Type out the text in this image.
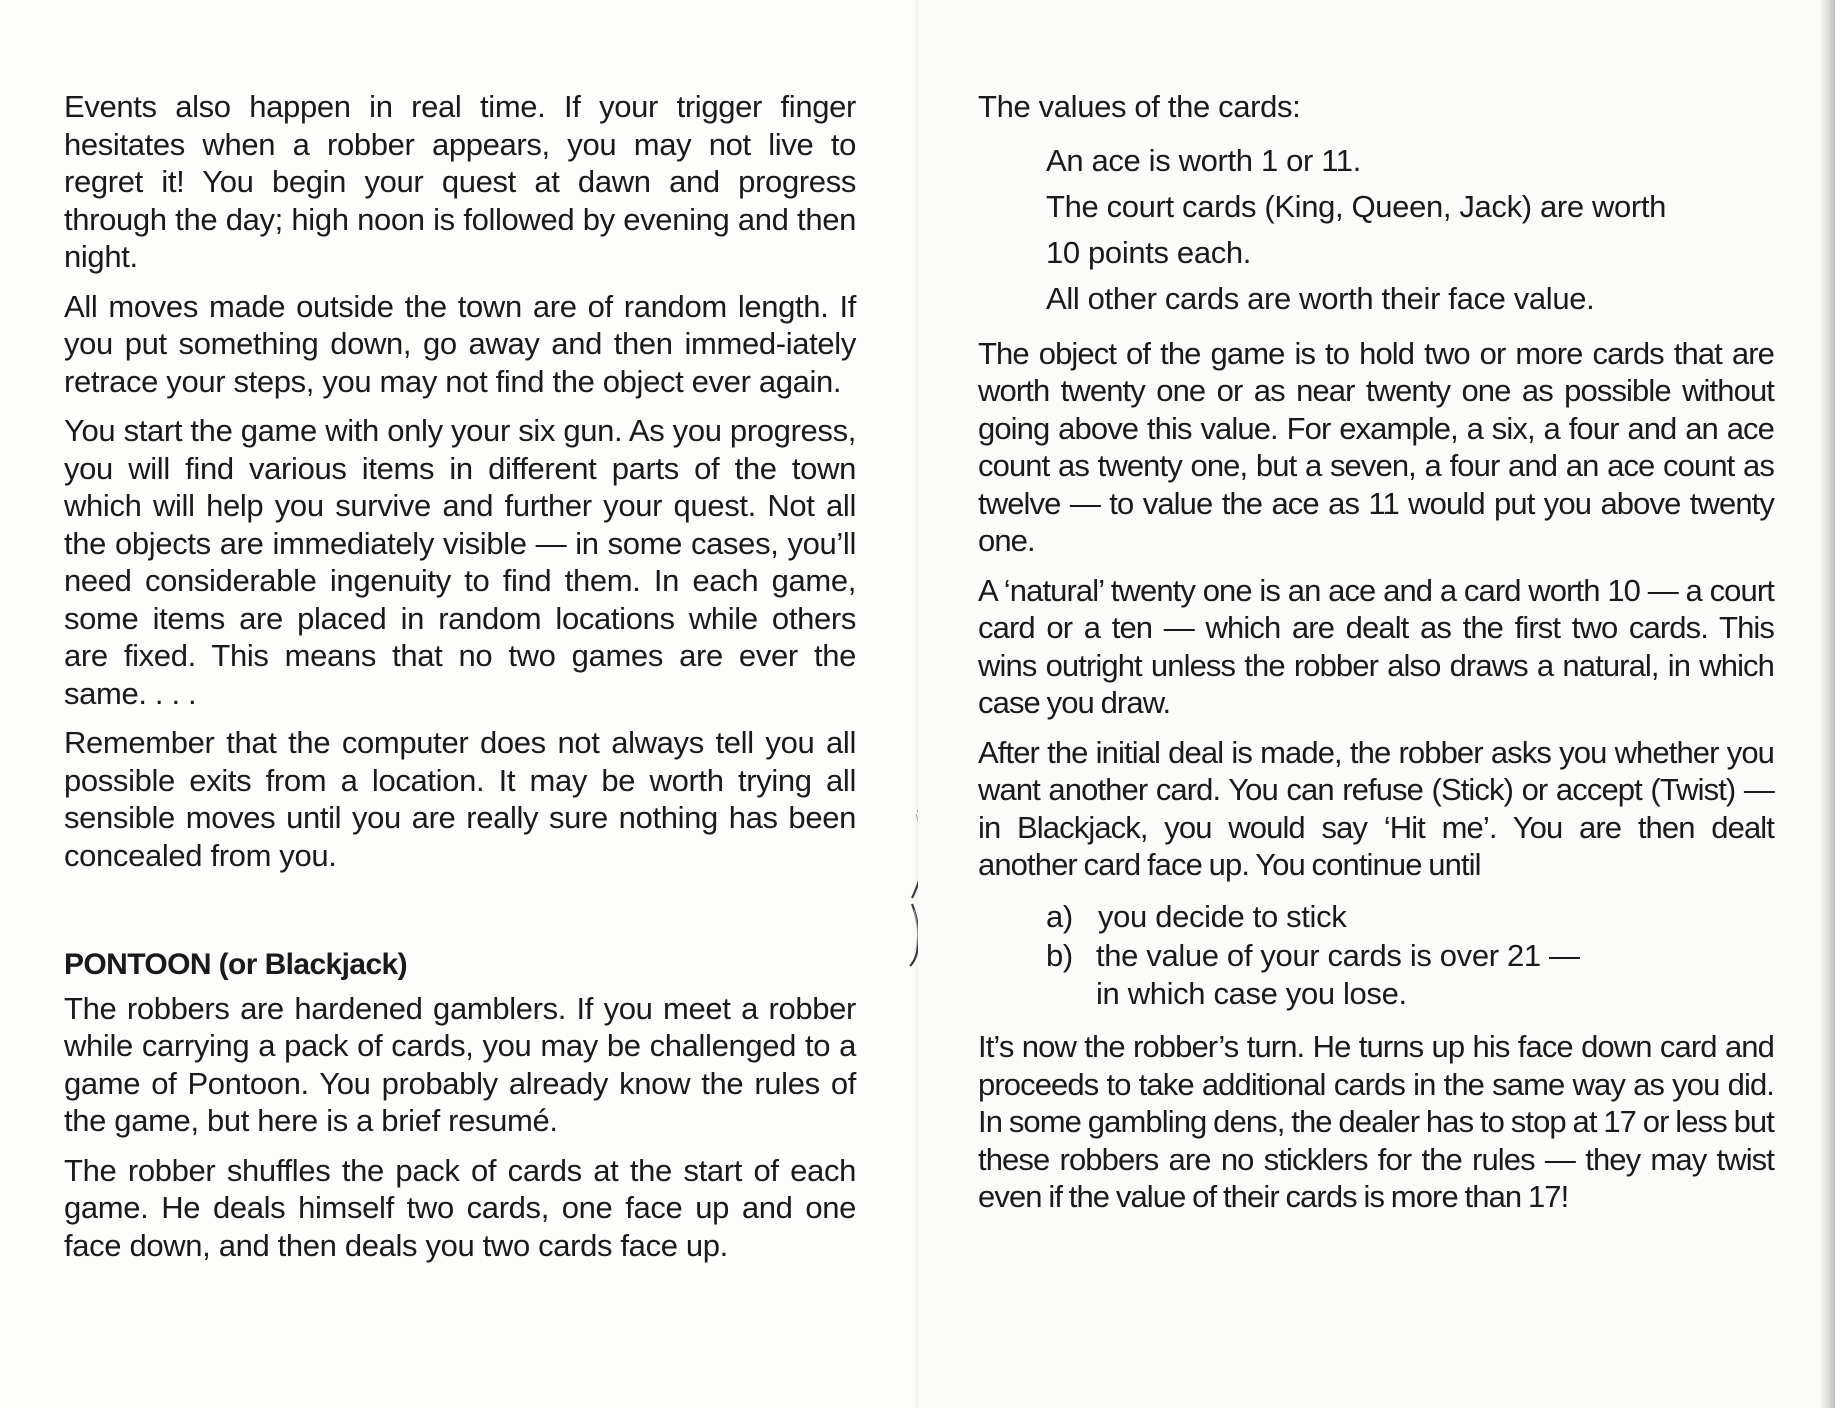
Events also happen in real time. If your trigger finger hesitates when a robber appears, you may not live to regret it! You begin your quest at dawn and progress through the day; high noon is followed by evening and then night.

All moves made outside the town are of random length. If you put something down, go away and then immed-iately retrace your steps, you may not find the object ever again.

You start the game with only your six gun. As you progress, you will find various items in different parts of the town which will help you survive and further your quest. Not all the objects are immediately visible — in some cases, you’ll need considerable ingenuity to find them. In each game, some items are placed in random locations while others are fixed. This means that no two games are ever the same. . . .

Remember that the computer does not always tell you all possible exits from a location. It may be worth trying all sensible moves until you are really sure nothing has been concealed from you.

PONTOON (or Blackjack)

The robbers are hardened gamblers. If you meet a robber while carrying a pack of cards, you may be challenged to a game of Pontoon. You probably already know the rules of the game, but here is a brief resumé.

The robber shuffles the pack of cards at the start of each game. He deals himself two cards, one face up and one face down, and then deals you two cards face up.

The values of the cards:

An ace is worth 1 or 11.

The court cards (King, Queen, Jack) are worth

10 points each.

All other cards are worth their face value.

The object of the game is to hold two or more cards that are worth twenty one or as near twenty one as possible without going above this value. For example, a six, a four and an ace count as twenty one, but a seven, a four and an ace count as twelve — to value the ace as 11 would put you above twenty one.

A ‘natural’ twenty one is an ace and a card worth 10 — a court card or a ten — which are dealt as the first two cards. This wins outright unless the robber also draws a natural, in which case you draw.

After the initial deal is made, the robber asks you whether you want another card. You can refuse (Stick) or accept (Twist) — in Blackjack, you would say ‘Hit me’. You are then dealt another card face up. You continue until

a) you decide to stick
b) the value of your cards is over 21 —
in which case you lose.

It’s now the robber’s turn. He turns up his face down card and proceeds to take additional cards in the same way as you did. In some gambling dens, the dealer has to stop at 17 or less but these robbers are no sticklers for the rules — they may twist even if the value of their cards is more than 17!
